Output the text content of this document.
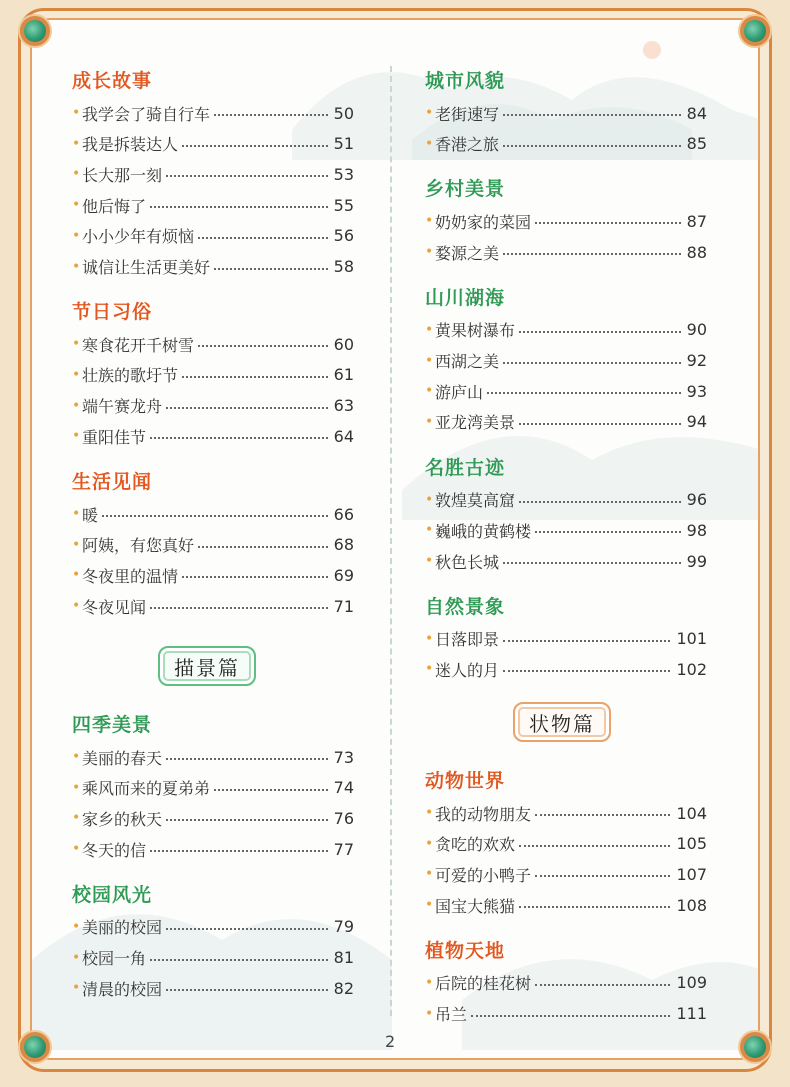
成长故事
• 我学会了骑自行车	50
• 我是拆装达人	51
• 长大那一刻	53
• 他后悔了	55
• 小小少年有烦恼	56
• 诚信让生活更美好	58
节日习俗
• 寒食花开千树雪	60
• 壮族的歌圩节	61
• 端午赛龙舟	63
• 重阳佳节	64
生活见闻
• 暖	66
• 阿姨，有您真好	68
• 冬夜里的温情	69
• 冬夜见闻	71
描景篇
四季美景
• 美丽的春天	73
• 乘风而来的夏弟弟	74
• 家乡的秋天	76
• 冬天的信	77
校园风光
• 美丽的校园	79
• 校园一角	81
• 清晨的校园	82
城市风貌
• 老街速写	84
• 香港之旅	85
乡村美景
• 奶奶家的菜园	87
• 婺源之美	88
山川湖海
• 黄果树瀑布	90
• 西湖之美	92
• 游庐山	93
• 亚龙湾美景	94
名胜古迹
• 敦煌莫高窟	96
• 巍峨的黄鹤楼	98
• 秋色长城	99
自然景象
• 日落即景	101
• 迷人的月	102
状物篇
动物世界
• 我的动物朋友	104
• 贪吃的欢欢	105
• 可爱的小鸭子	107
• 国宝大熊猫	108
植物天地
• 后院的桂花树	109
• 吊兰	111
2
